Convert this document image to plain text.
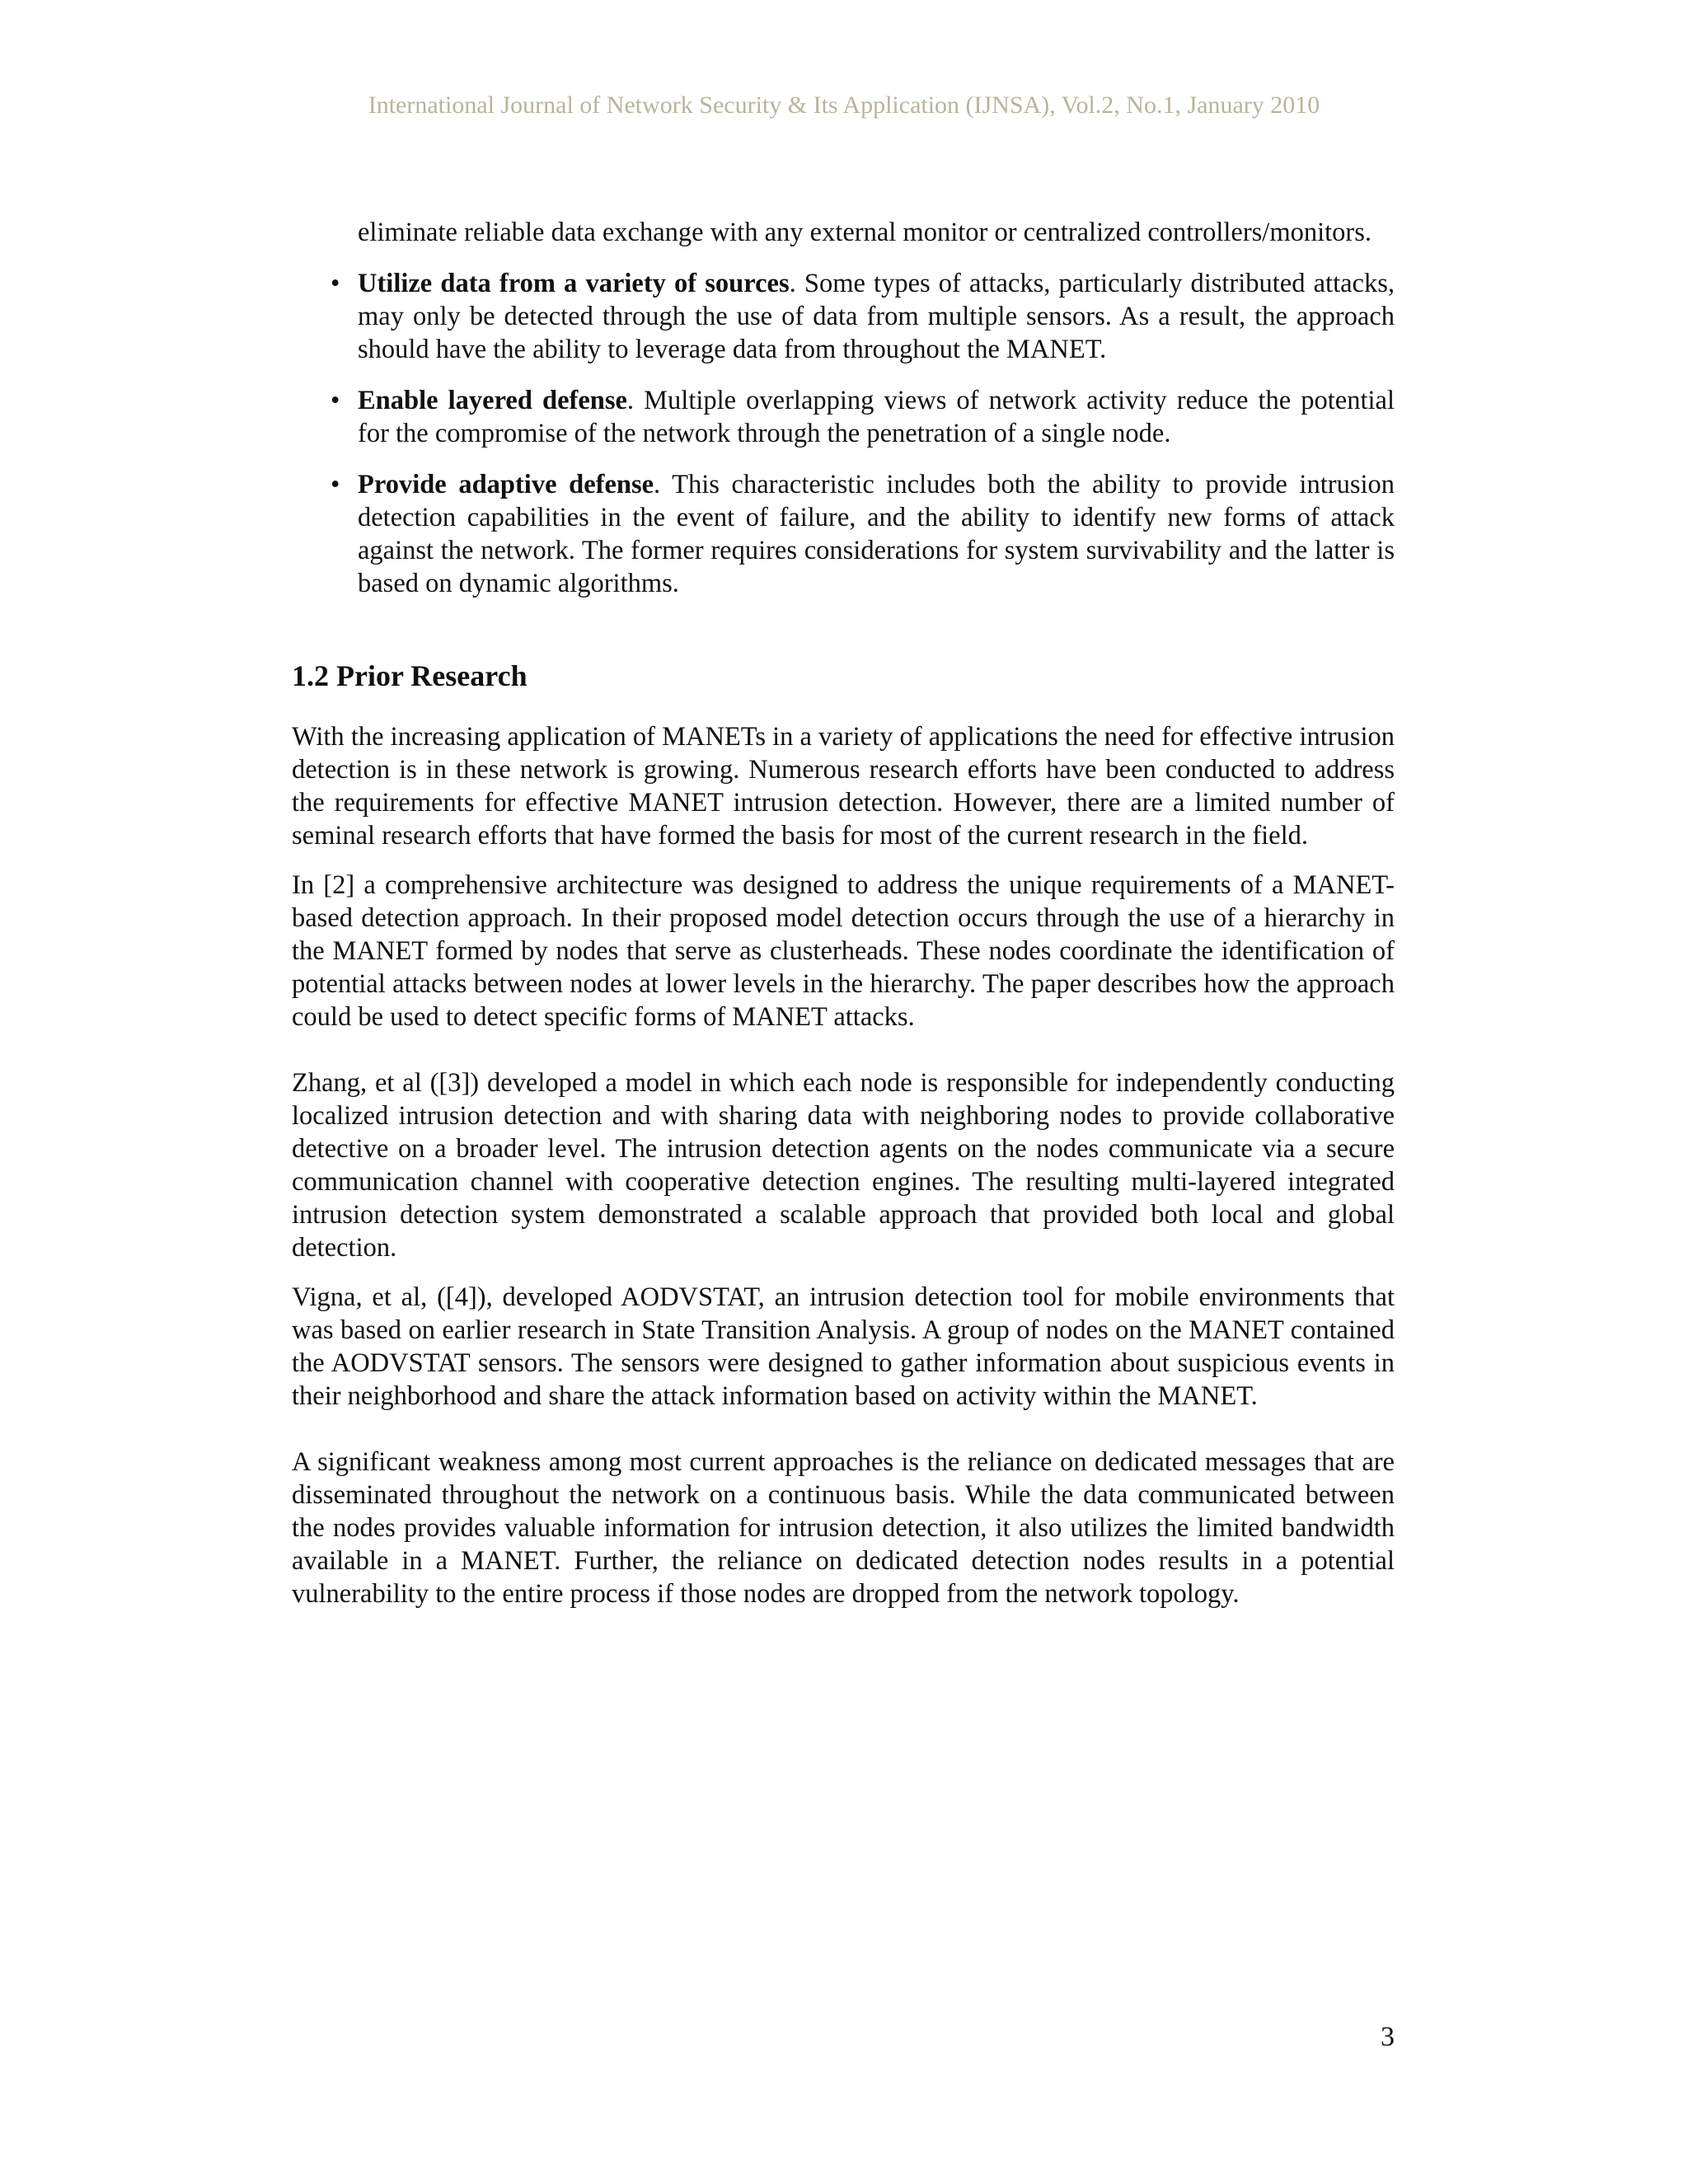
International Journal of Network Security & Its Application (IJNSA), Vol.2, No.1, January 2010

eliminate reliable data exchange with any external monitor or centralized controllers/monitors.

• Utilize data from a variety of sources. Some types of attacks, particularly distributed attacks, may only be detected through the use of data from multiple sensors. As a result, the approach should have the ability to leverage data from throughout the MANET.
• Enable layered defense. Multiple overlapping views of network activity reduce the potential for the compromise of the network through the penetration of a single node.
• Provide adaptive defense. This characteristic includes both the ability to provide intrusion detection capabilities in the event of failure, and the ability to identify new forms of attack against the network. The former requires considerations for system survivability and the latter is based on dynamic algorithms.
1.2 Prior Research

With the increasing application of MANETs in a variety of applications the need for effective intrusion detection is in these network is growing. Numerous research efforts have been conducted to address the requirements for effective MANET intrusion detection. However, there are a limited number of seminal research efforts that have formed the basis for most of the current research in the field.

In [2] a comprehensive architecture was designed to address the unique requirements of a MANET-based detection approach. In their proposed model detection occurs through the use of a hierarchy in the MANET formed by nodes that serve as clusterheads. These nodes coordinate the identification of potential attacks between nodes at lower levels in the hierarchy. The paper describes how the approach could be used to detect specific forms of MANET attacks.

Zhang, et al ([3]) developed a model in which each node is responsible for independently conducting localized intrusion detection and with sharing data with neighboring nodes to provide collaborative detective on a broader level. The intrusion detection agents on the nodes communicate via a secure communication channel with cooperative detection engines. The resulting multi-layered integrated intrusion detection system demonstrated a scalable approach that provided both local and global detection.

Vigna, et al, ([4]), developed AODVSTAT, an intrusion detection tool for mobile environments that was based on earlier research in State Transition Analysis. A group of nodes on the MANET contained the AODVSTAT sensors. The sensors were designed to gather information about suspicious events in their neighborhood and share the attack information based on activity within the MANET.

A significant weakness among most current approaches is the reliance on dedicated messages that are disseminated throughout the network on a continuous basis. While the data communicated between the nodes provides valuable information for intrusion detection, it also utilizes the limited bandwidth available in a MANET. Further, the reliance on dedicated detection nodes results in a potential vulnerability to the entire process if those nodes are dropped from the network topology.

3
